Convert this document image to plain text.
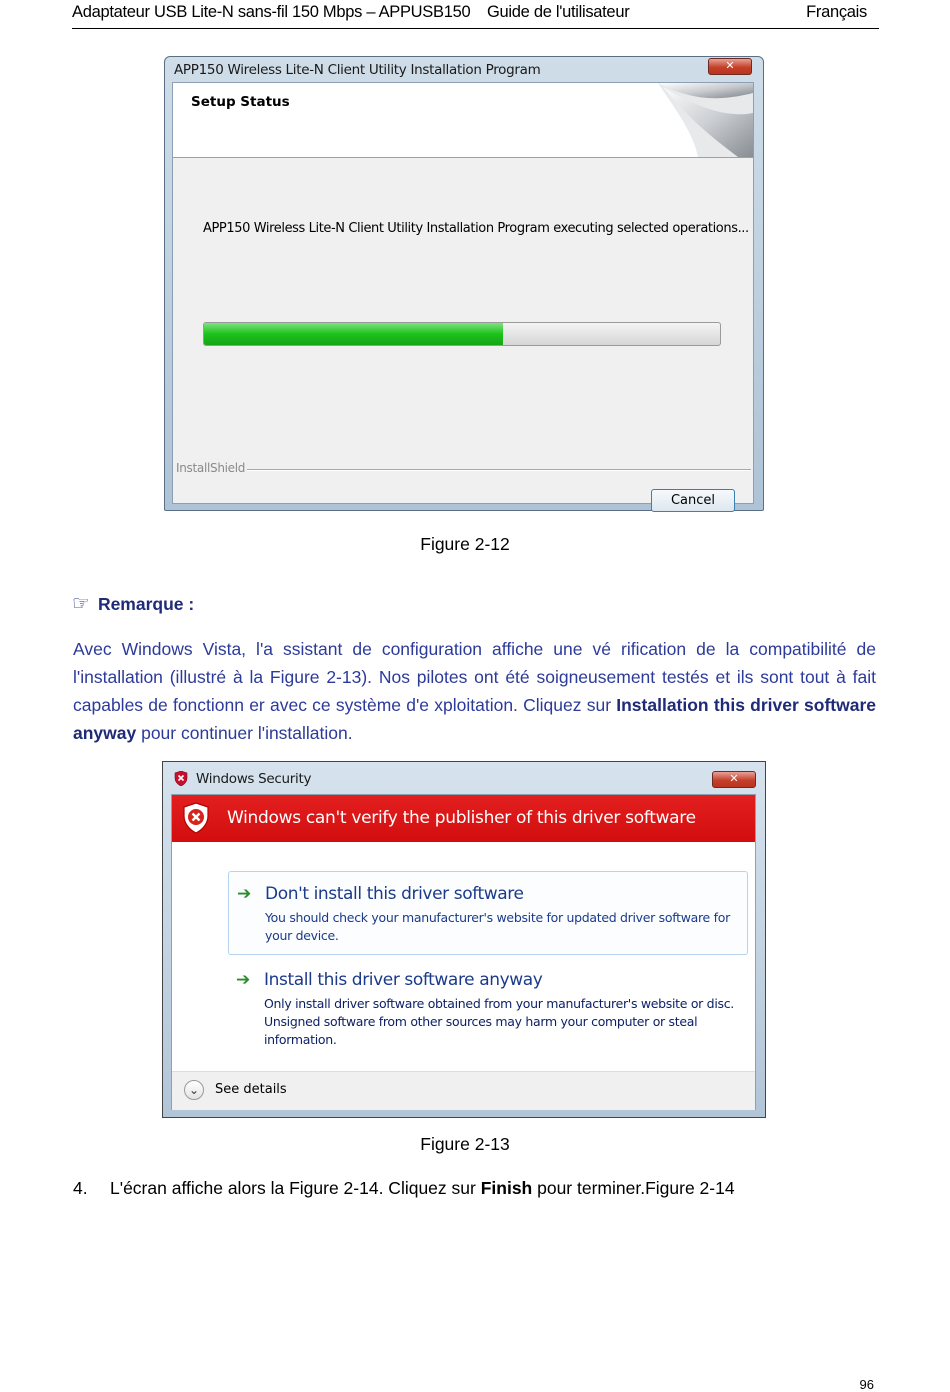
Adaptateur USB Lite-N sans-fil 150 Mbps – APPUSB150 Guide de l'utilisateur	Français
APP150 Wireless Lite-N Client Utility Installation Program	✕
Setup Status
APP150 Wireless Lite-N Client Utility Installation Program executing selected operations...
InstallShield
Cancel
Figure 2-12
☞ Remarque :

Avec Windows Vista, l'a ssistant de configuration affiche une vé rification de la compatibilité de l'installation (illustré à la Figure 2-13). Nos pilotes ont été soigneusement testés et ils sont tout à fait capables de fonctionn er avec ce système d'e xploitation. Cliquez sur Installation this driver software anyway pour continuer l'installation.

Windows Security	✕
Windows can't verify the publisher of this driver software
➔ Don't install this driver software
You should check your manufacturer's website for updated driver software for your device.
➔ Install this driver software anyway
Only install driver software obtained from your manufacturer's website or disc. Unsigned software from other sources may harm your computer or steal information.
⌄	See details
Figure 2-13
4. L'écran affiche alors la Figure 2-14. Cliquez sur Finish pour terminer.Figure 2-14
96
